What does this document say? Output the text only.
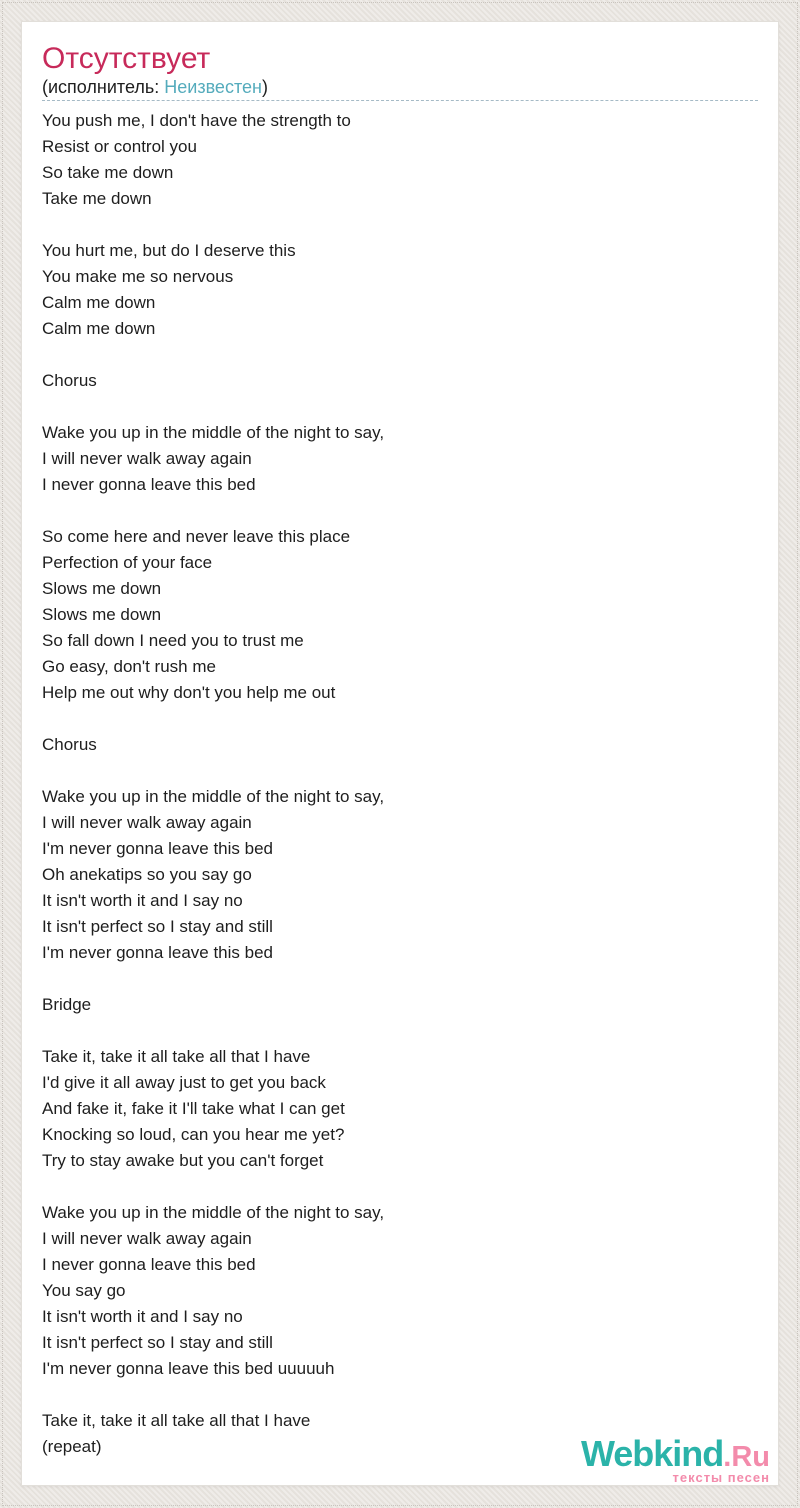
Отсутствует
(исполнитель: Неизвестен)
You push me, I don't have the strength to
Resist or control you
So take me down
Take me down

You hurt me, but do I deserve this
You make me so nervous
Calm me down
Calm me down

Chorus

Wake you up in the middle of the night to say,
I will never walk away again
I never gonna leave this bed

So come here and never leave this place
Perfection of your face
Slows me down
Slows me down
So fall down I need you to trust me
Go easy, don't rush me
Help me out why don't you help me out

Chorus

Wake you up in the middle of the night to say,
I will never walk away again
I'm never gonna leave this bed
Oh anekatips so you say go
It isn't worth it and I say no
It isn't perfect so I stay and still
I'm never gonna leave this bed

Bridge

Take it, take it all take all that I have
I'd give it all away just to get you back
And fake it, fake it I'll take what I can get
Knocking so loud, can you hear me yet?
Try to stay awake but you can't forget

Wake you up in the middle of the night to say,
I will never walk away again
I never gonna leave this bed
You say go
It isn't worth it and I say no
It isn't perfect so I stay and still
I'm never gonna leave this bed uuuuuh

Take it, take it all take all that I have
(repeat)	Webkind.Ru
тексты песен
